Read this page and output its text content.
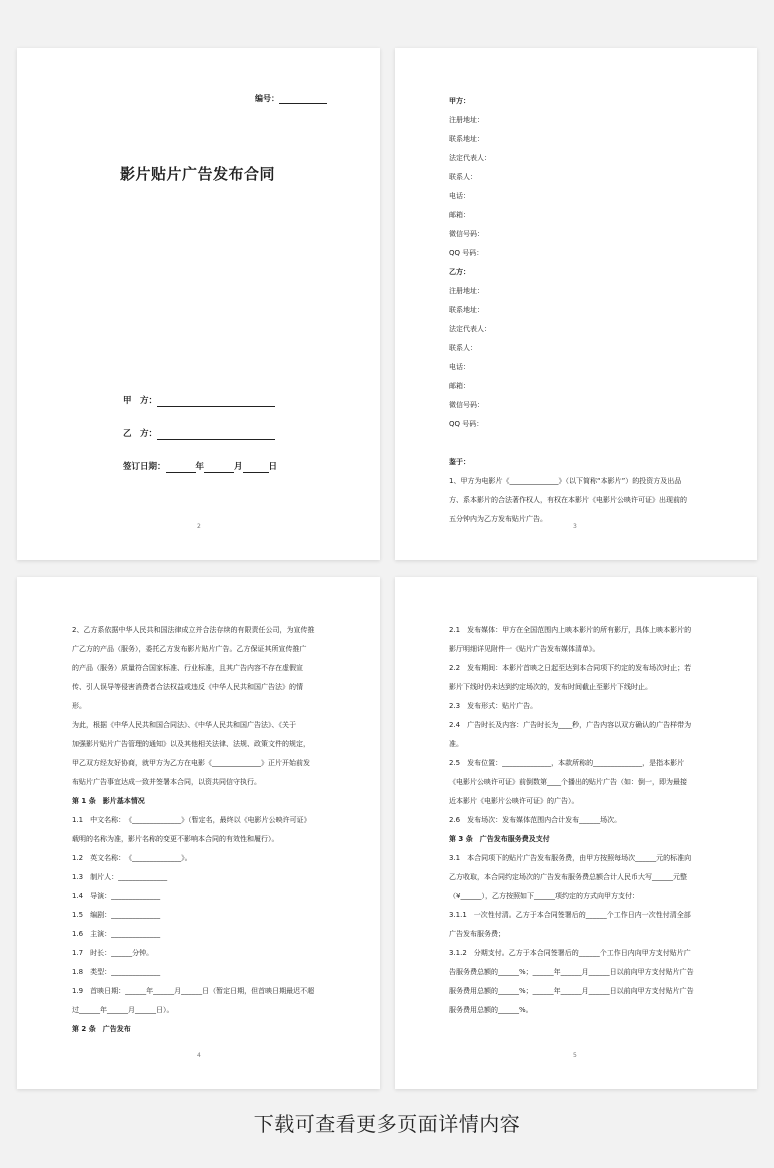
编号：
影片贴片广告发布合同
甲　方：
乙　方：
签订日期：	年	月	日
2
甲方：
注册地址：
联系地址：
法定代表人：
联系人：
电话：
邮箱：
微信号码：
QQ 号码：
乙方：
注册地址：
联系地址：
法定代表人：
联系人：
电话：
邮箱：
微信号码：
QQ 号码：

鉴于：
1、甲方为电影片《______________》（以下简称“本影片”）的投资方及出品
方、系本影片的合法著作权人，有权在本影片《电影片公映许可证》出现前的
五分钟内为乙方发布贴片广告。
3
2、乙方系依据中华人民共和国法律成立并合法存续的有限责任公司，为宣传推
广乙方的产品（服务），委托乙方发布影片贴片广告。乙方保证其所宣传推广
的产品（服务）质量符合国家标准、行业标准，且其广告内容不存在虚假宣
传、引人误导等侵害消费者合法权益或违反《中华人民共和国广告法》的情
形。
为此，根据《中华人民共和国合同法》、《中华人民共和国广告法》、《关于
加强影片贴片广告管理的通知》以及其他相关法律、法规、政策文件的规定，
甲乙双方经友好协商，就甲方为乙方在电影《______________》正片开始前发
布贴片广告事宜达成一致并签署本合同，以资共同信守执行。
第 1 条　影片基本情况
1.1　中文名称：　《______________》（暂定名，最终以《电影片公映许可证》
载明的名称为准，影片名称的变更不影响本合同的有效性和履行）。
1.2　英文名称：　《______________》。
1.3　制片人：______________
1.4　导演：______________
1.5　编剧：______________
1.6　主演：______________
1.7　时长：______分钟。
1.8　类型：______________
1.9　首映日期：______年______月______日（暂定日期，但首映日期最迟不超
过______年______月______日）。
第 2 条　广告发布
4
2.1　发布媒体：甲方在全国范围内上映本影片的所有影厅，具体上映本影片的
影厅明细详见附件一《贴片广告发布媒体清单》。
2.2　发布期间：本影片首映之日起至达到本合同项下约定的发布场次时止；若
影片下线时仍未达到约定场次的，发布时间截止至影片下线时止。
2.3　发布形式：贴片广告。
2.4　广告时长及内容：广告时长为____秒，广告内容以双方确认的广告样带为
准。
2.5　发布位置：______________，本款所称的______________，是指本影片
《电影片公映许可证》前倒数第____个播出的贴片广告（如：倒一，即为最接
近本影片《电影片公映许可证》的广告）。
2.6　发布场次：发布媒体范围内合计发布______场次。
第 3 条　广告发布服务费及支付
3.1　本合同项下的贴片广告发布服务费，由甲方按照每场次______元的标准向
乙方收取，本合同约定场次的广告发布服务费总额合计人民币大写______元整
（¥______），乙方按照如下______项约定的方式向甲方支付：
3.1.1　一次性付清。乙方于本合同签署后的______个工作日内一次性付清全部
广告发布服务费；
3.1.2　分期支付。乙方于本合同签署后的______个工作日内向甲方支付贴片广
告服务费总额的______%；______年______月______日以前向甲方支付贴片广告
服务费用总额的______%；______年______月______日以前向甲方支付贴片广告
服务费用总额的______%。
5
下载可查看更多页面详情内容
